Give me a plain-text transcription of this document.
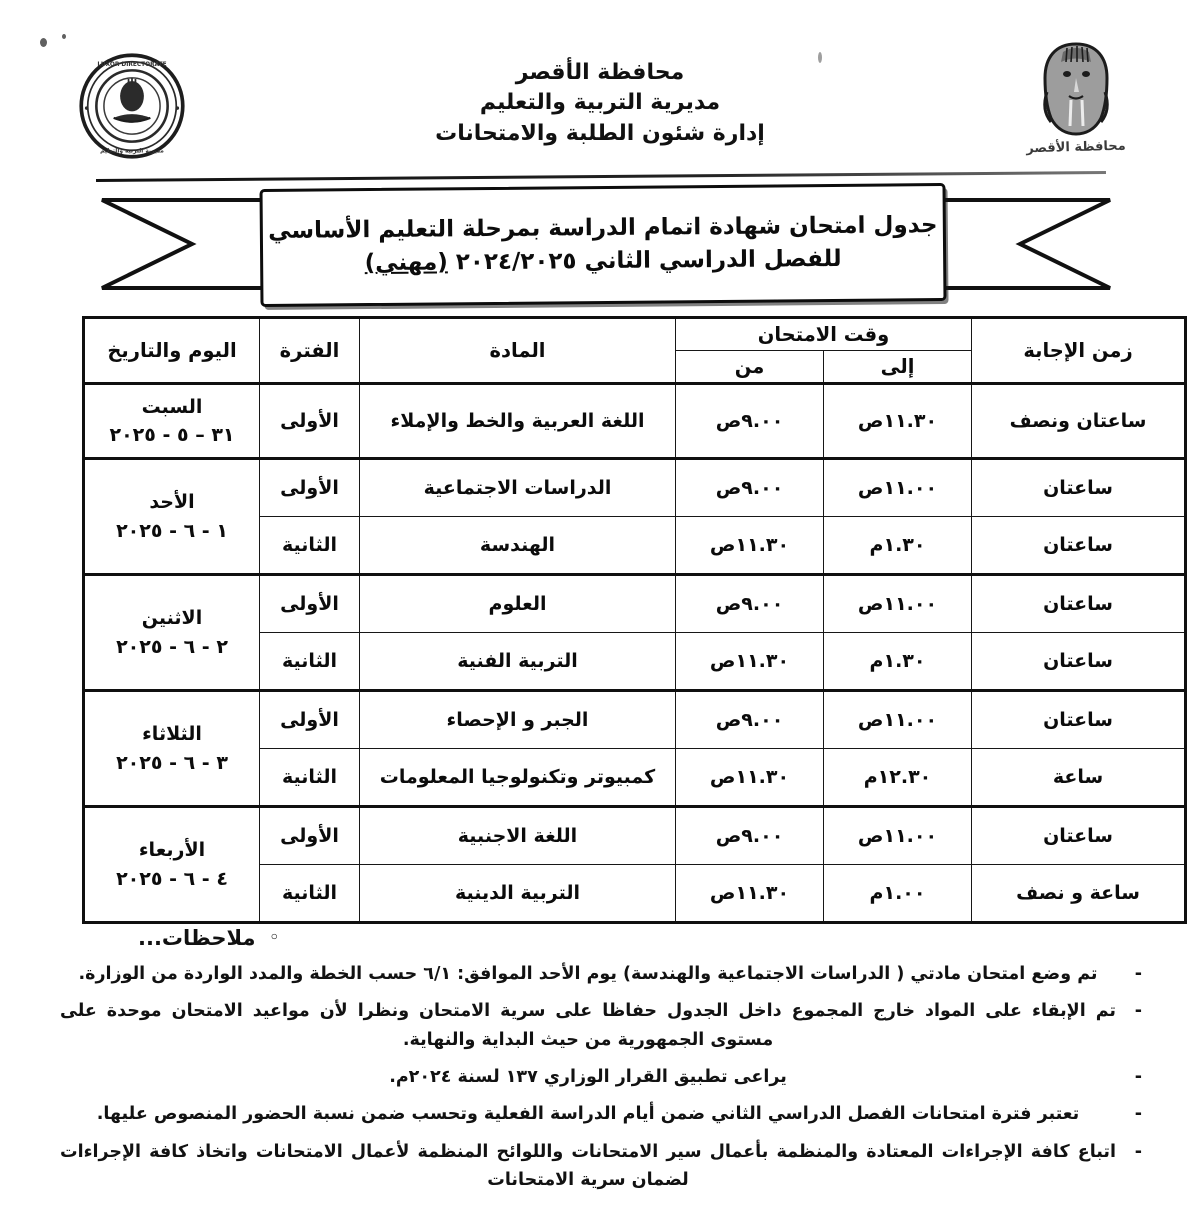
LUXOR DIRECTORATE
مديرية التربية والتعليم
محافظة الأقصر
مديرية التربية والتعليم
إدارة شئون الطلبة والامتحانات
محافظة الأقصر
جدول امتحان شهادة اتمام الدراسة بمرحلة التعليم الأساسي
للفصل الدراسي الثاني ٢٠٢٤/٢٠٢٥ (مهني)
زمن الإجابة	وقت الامتحان		المادة	الفترة	اليوم والتاريخ
	إلى	من			
ساعتان ونصف	١١.٣٠ص	٩.٠٠ص	اللغة العربية والخط والإملاء	الأولى	السبت
٣١ – ٥ - ٢٠٢٥

ساعتان	١١.٠٠ص	٩.٠٠ص	الدراسات الاجتماعية	الأولى	الأحد
١ - ٦ - ٢٠٢٥

ساعتان	١.٣٠م	١١.٣٠ص	الهندسة	الثانية	
ساعتان	١١.٠٠ص	٩.٠٠ص	العلوم	الأولى	الاثنين
٢ - ٦ - ٢٠٢٥

ساعتان	١.٣٠م	١١.٣٠ص	التربية الفنية	الثانية	
ساعتان	١١.٠٠ص	٩.٠٠ص	الجبر و الإحصاء	الأولى	الثلاثاء
٣ - ٦ - ٢٠٢٥

ساعة	١٢.٣٠م	١١.٣٠ص	كمبيوتر وتكنولوجيا المعلومات	الثانية	
ساعتان	١١.٠٠ص	٩.٠٠ص	اللغة الاجنبية	الأولى	الأربعاء
٤ - ٦ - ٢٠٢٥

ساعة و نصف	١.٠٠م	١١.٣٠ص	التربية الدينية	الثانية	
◦ملاحظات...
- تم وضع امتحان مادتي ( الدراسات الاجتماعية والهندسة) يوم الأحد الموافق: ٦/١ حسب الخطة والمدد الواردة من الوزارة.
- تم الإبقاء على المواد خارج المجموع داخل الجدول حفاظا على سرية الامتحان ونظرا لأن مواعيد الامتحان موحدة على مستوى الجمهورية من حيث البداية والنهاية.
- يراعى تطبيق القرار الوزاري ١٣٧ لسنة ٢٠٢٤م.
- تعتبر فترة امتحانات الفصل الدراسي الثاني ضمن أيام الدراسة الفعلية وتحسب ضمن نسبة الحضور المنصوص عليها.
- اتباع كافة الإجراءات المعتادة والمنظمة بأعمال سير الامتحانات واللوائح المنظمة لأعمال الامتحانات واتخاذ كافة الإجراءات لضمان سرية الامتحانات
